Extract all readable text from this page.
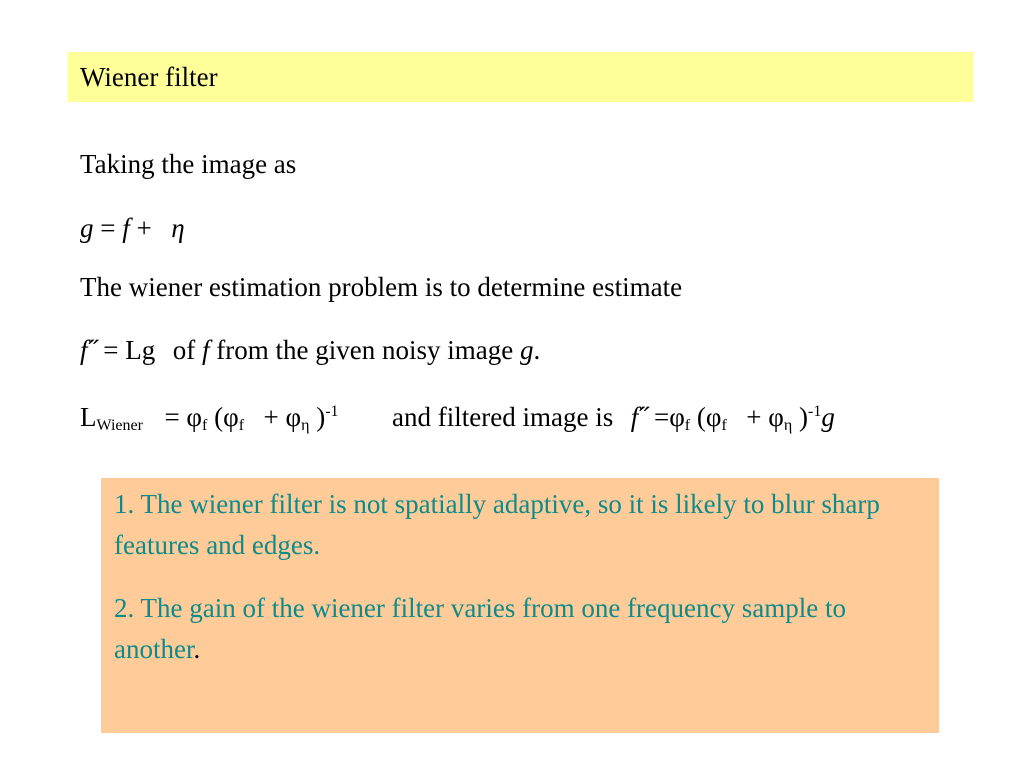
Wiener filter
Taking the image as
g = f + η
The wiener estimation problem is to determine estimate
f˝ = Lg of f from the given noisy image g.
$L_{Wiener} = \varphi_f$ ($\varphi_f + \varphi_\eta$ )$^{-1}$ and filtered image is f˝ $=\varphi_f$ ($\varphi_f + \varphi_\eta$ )$^{-1}$g
1. The wiener filter is not spatially adaptive, so it is likely to blur sharp features and edges.
2. The gain of the wiener filter varies from one frequency sample to another.
